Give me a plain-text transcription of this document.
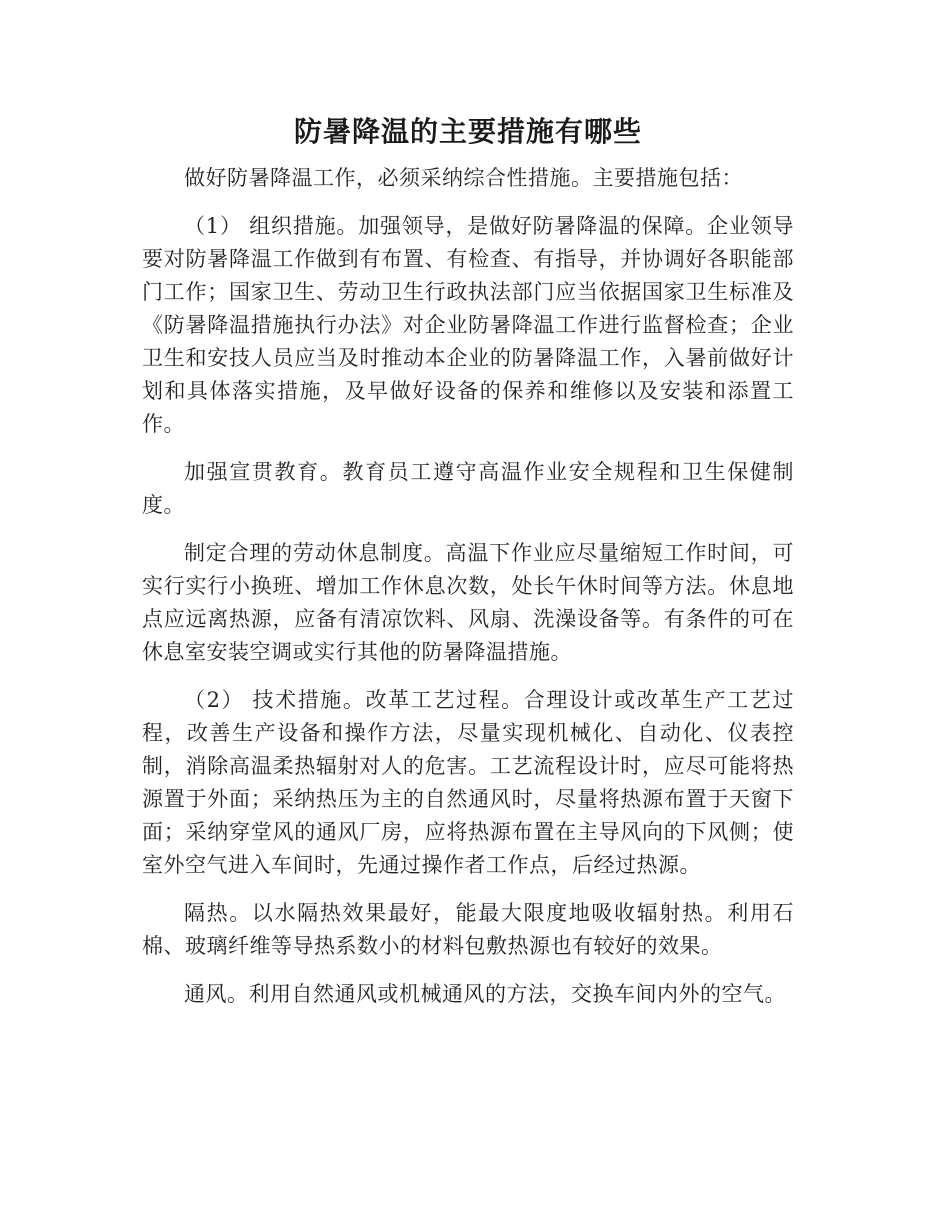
防暑降温的主要措施有哪些

做好防暑降温工作，必须采纳综合性措施。主要措施包括：

（1） 组织措施。加强领导，是做好防暑降温的保障。企业领导要对防暑降温工作做到有布置、有检查、有指导，并协调好各职能部门工作；国家卫生、劳动卫生行政执法部门应当依据国家卫生标准及《防暑降温措施执行办法》对企业防暑降温工作进行监督检查；企业卫生和安技人员应当及时推动本企业的防暑降温工作，入暑前做好计划和具体落实措施，及早做好设备的保养和维修以及安装和添置工作。

加强宣贯教育。教育员工遵守高温作业安全规程和卫生保健制度。

制定合理的劳动休息制度。高温下作业应尽量缩短工作时间，可实行实行小换班、增加工作休息次数，处长午休时间等方法。休息地点应远离热源，应备有清凉饮料、风扇、洗澡设备等。有条件的可在休息室安装空调或实行其他的防暑降温措施。

（2） 技术措施。改革工艺过程。合理设计或改革生产工艺过程，改善生产设备和操作方法，尽量实现机械化、自动化、仪表控制，消除高温柔热辐射对人的危害。工艺流程设计时，应尽可能将热源置于外面；采纳热压为主的自然通风时，尽量将热源布置于天窗下面；采纳穿堂风的通风厂房，应将热源布置在主导风向的下风侧；使室外空气进入车间时，先通过操作者工作点，后经过热源。

隔热。以水隔热效果最好，能最大限度地吸收辐射热。利用石棉、玻璃纤维等导热系数小的材料包敷热源也有较好的效果。

通风。利用自然通风或机械通风的方法，交换车间内外的空气。
